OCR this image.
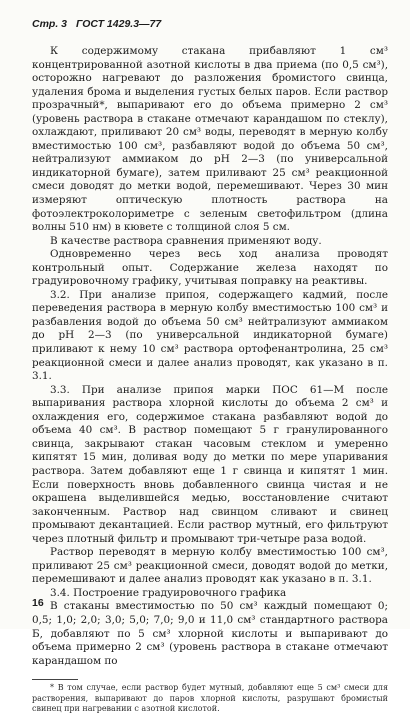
Стр. 3 ГОСТ 1429.3—77

К содержимому стакана прибавляют 1 см³ концентрированной азотной кислоты в два приема (по 0,5 см³), осторожно нагревают до разложения бромистого свинца, удаления брома и выделения густых белых паров. Если раствор прозрачный*, выпаривают его до объема примерно 2 см³ (уровень раствора в стакане отмечают карандашом по стеклу), охлаждают, приливают 20 см³ воды, переводят в мерную колбу вместимостью 100 см³, разбавляют водой до объема 50 см³, нейтрализуют аммиаком до pH 2—3 (по универсальной индикаторной бумаге), затем приливают 25 см³ реакционной смеси доводят до метки водой, перемешивают. Через 30 мин измеряют оптическую плотность раствора на фотоэлектроколориметре с зеленым светофильтром (длина волны 510 нм) в кювете с толщиной слоя 5 см.

В качестве раствора сравнения применяют воду.

Одновременно через весь ход анализа проводят контрольный опыт. Содержание железа находят по градуировочному графику, учитывая поправку на реактивы.

3.2. При анализе припоя, содержащего кадмий, после переведения раствора в мерную колбу вместимостью 100 см³ и разбавления водой до объема 50 см³ нейтрализуют аммиаком до pH 2—3 (по универсальной индикаторной бумаге) приливают к нему 10 см³ раствора ортофенантролина, 25 см³ реакционной смеси и далее анализ проводят, как указано в п. 3.1.

3.3. При анализе припоя марки ПОС 61—М после выпаривания раствора хлорной кислоты до объема 2 см³ и охлаждения его, содержимое стакана разбавляют водой до объема 40 см³. В раствор помещают 5 г гранулированного свинца, закрывают стакан часовым стеклом и умеренно кипятят 15 мин, доливая воду до метки по мере упаривания раствора. Затем добавляют еще 1 г свинца и кипятят 1 мин. Если поверхность вновь добавленного свинца чистая и не окрашена выделившейся медью, восстановление считают законченным. Раствор над свинцом сливают и свинец промывают декантацией. Если раствор мутный, его фильтруют через плотный фильтр и промывают три-четыре раза водой.

Раствор переводят в мерную колбу вместимостью 100 см³, приливают 25 см³ реакционной смеси, доводят водой до метки, перемешивают и далее анализ проводят как указано в п. 3.1.

3.4. Построение градуировочного графика

В стаканы вместимостью по 50 см³ каждый помещают 0; 0,5; 1,0; 2,0; 3,0; 5,0; 7,0; 9,0 и 11,0 см³ стандартного раствора Б, добавляют по 5 см³ хлорной кислоты и выпаривают до объема примерно 2 см³ (уровень раствора в стакане отмечают карандашом по

* В том случае, если раствор будет мутный, добавляют еще 5 см³ смеси для растворения, выпаривают до паров хлорной кислоты, разрушают бромистый свинец при нагревании с азотной кислотой.

16
